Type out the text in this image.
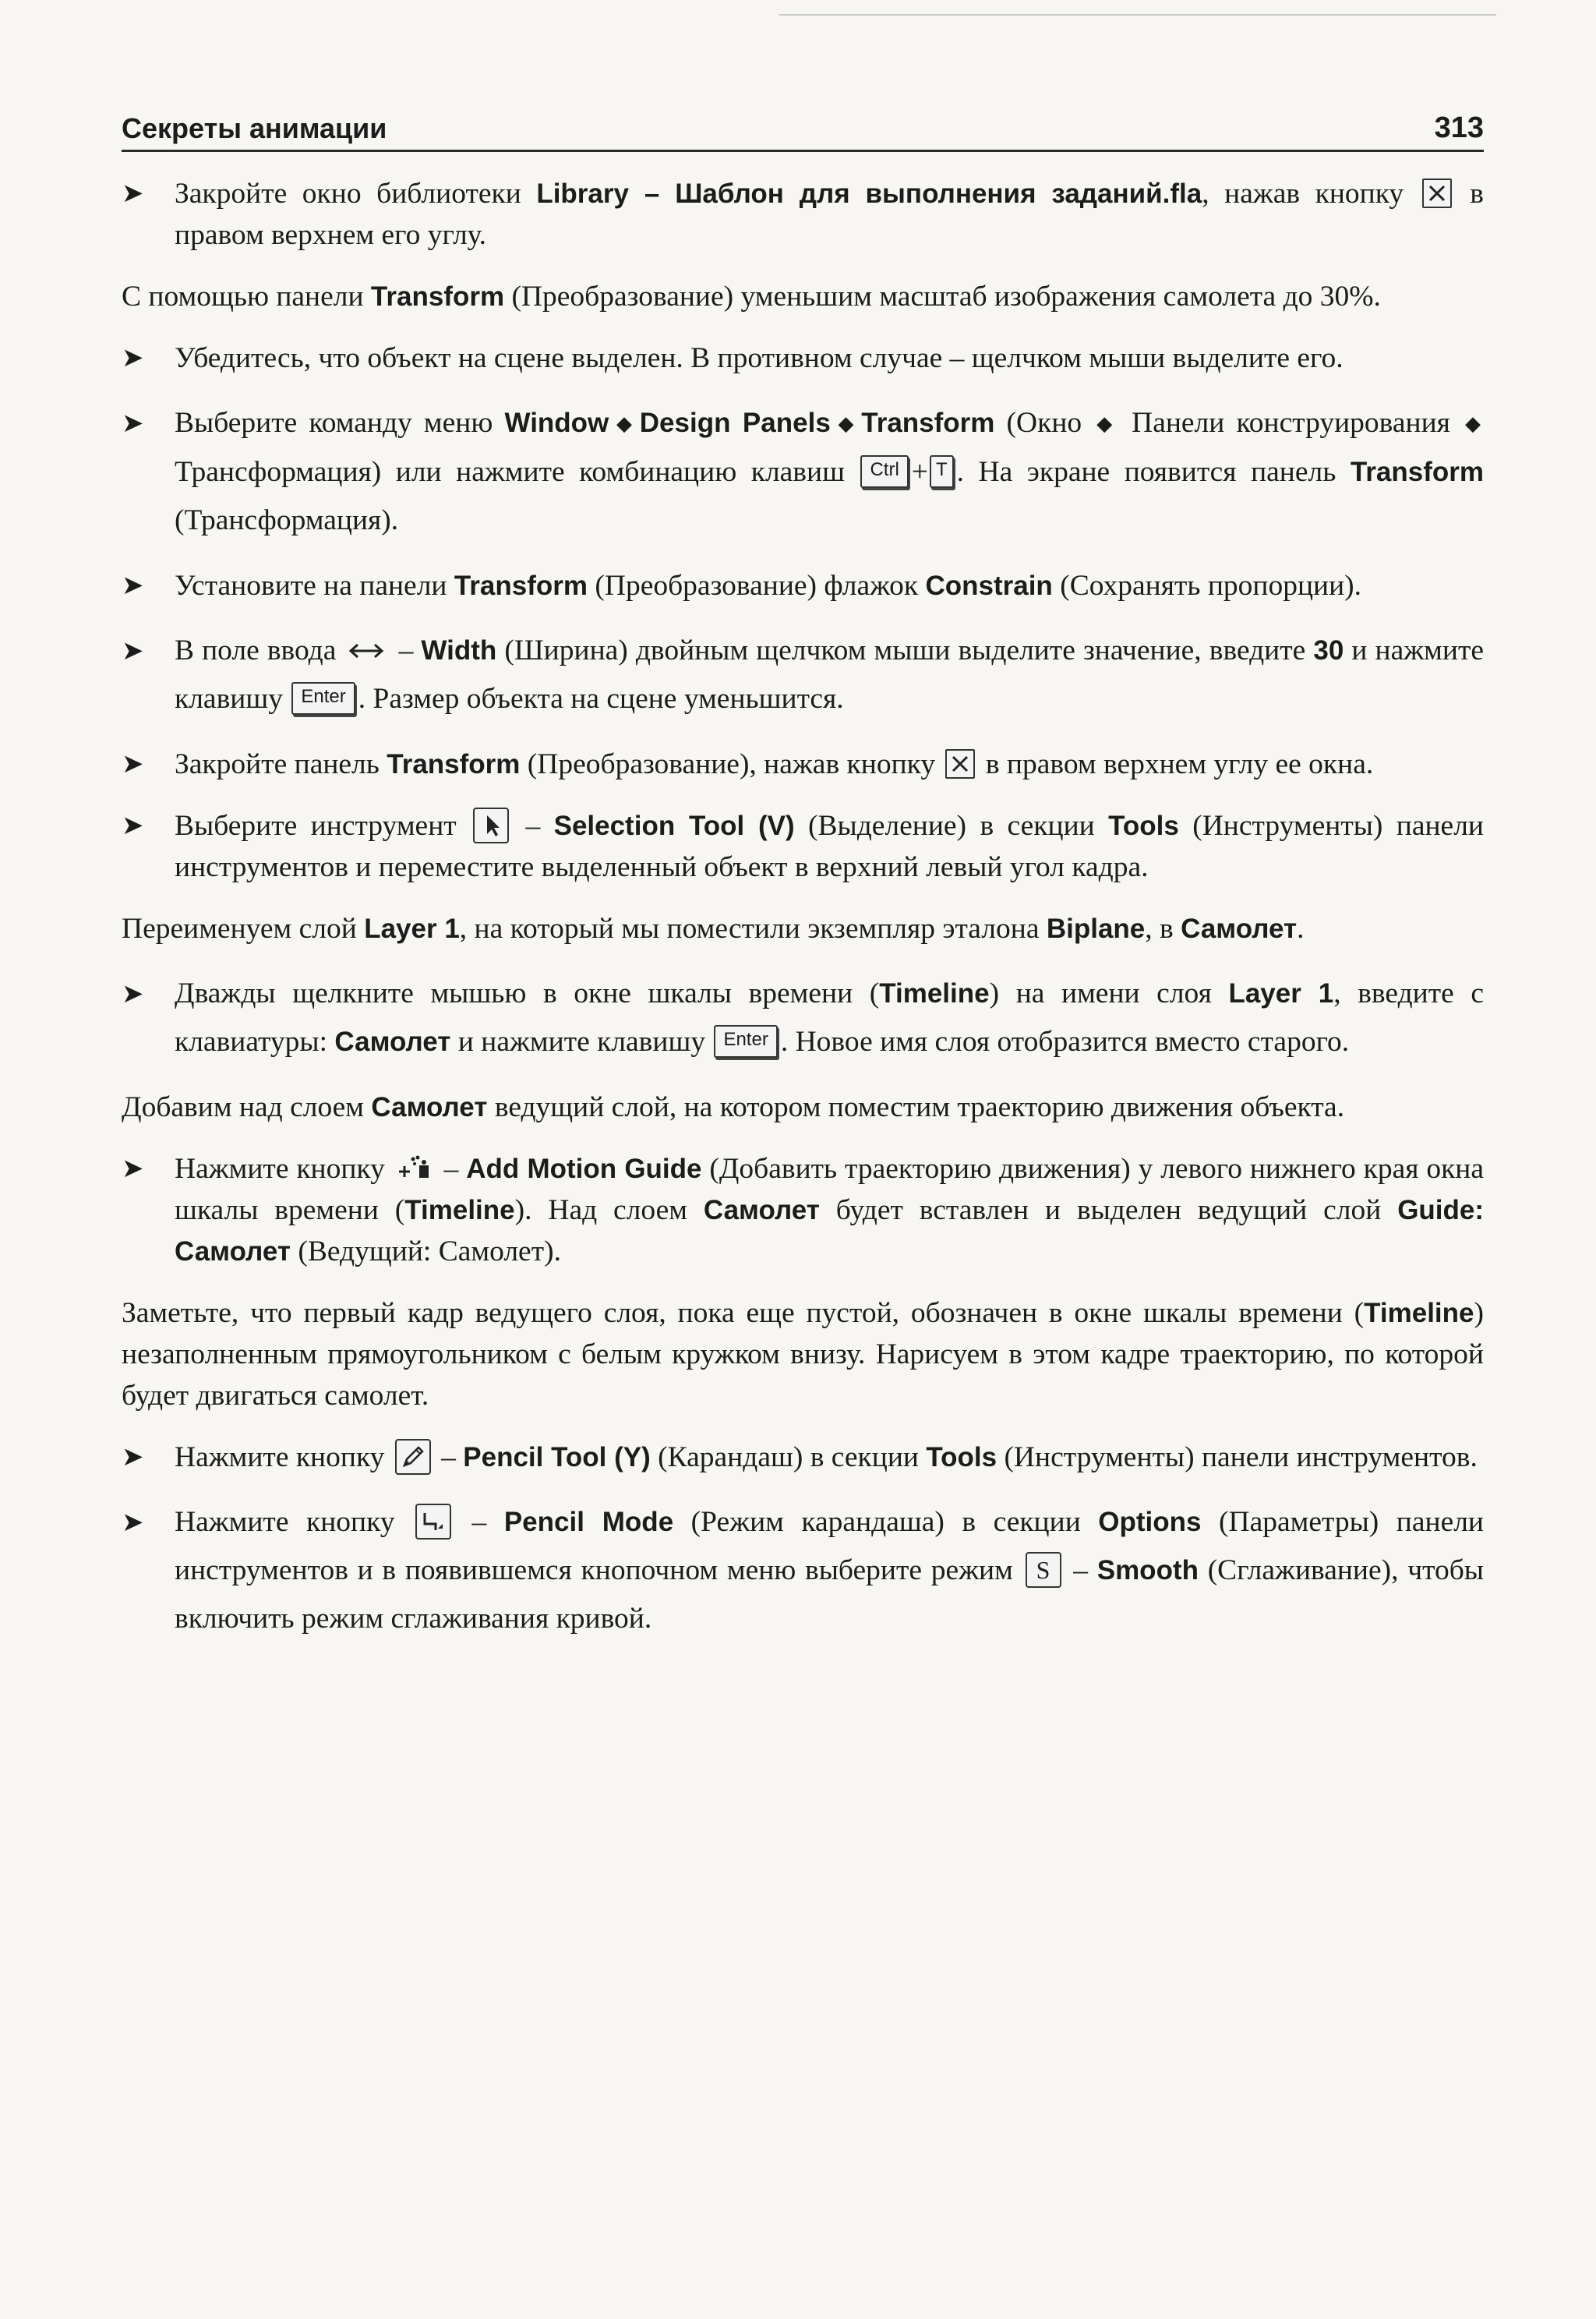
Секреты анимации	313
➤	Закройте окно библиотеки Library – Шаблон для выполнения заданий.fla, нажав кнопку
в правом верхнем его углу.

С помощью панели Transform (Преобразование) уменьшим масштаб изображения самолета до 30%.

➤	Убедитесь, что объект на сцене выделен. В противном случае – щелчком мыши выделите его.
➤	Выберите команду меню Window ◆ Design Panels ◆ Transform (Окно ◆ Панели конструирования ◆ Трансформация) или нажмите комбинацию клавиш Ctrl + T . На экране появится панель Transform (Трансформация).
➤	Установите на панели Transform (Преобразование) флажок Constrain (Сохранять пропорции).
➤	В поле ввода  – Width (Ширина) двойным щелчком мыши выделите значение, введите 30 и нажмите клавишу Enter . Размер объекта на сцене уменьшится.
➤	Закройте панель Transform (Преобразование), нажав кнопку
в правом верхнем углу ее окна.
➤	Выберите инструмент
– Selection Tool (V) (Выделение) в секции Tools (Инструменты) панели инструментов и переместите выделенный объект в верхний левый угол кадра.

Переименуем слой Layer 1, на который мы поместили экземпляр эталона Biplane, в Самолет.

➤	Дважды щелкните мышью в окне шкалы времени (Timeline) на имени слоя Layer 1, введите с клавиатуры: Самолет и нажмите клавишу Enter . Новое имя слоя отобразится вместо старого.

Добавим над слоем Самолет ведущий слой, на котором поместим траекторию движения объекта.

➤	Нажмите кнопку  – Add Motion Guide (Добавить траекторию движения) у левого нижнего края окна шкалы времени (Timeline). Над слоем Самолет будет вставлен и выделен ведущий слой Guide: Самолет (Ведущий: Самолет).

Заметьте, что первый кадр ведущего слоя, пока еще пустой, обозначен в окне шкалы времени (Timeline) незаполненным прямоугольником с белым кружком внизу. Нарисуем в этом кадре траекторию, по которой будет двигаться самолет.

➤	Нажмите кнопку
– Pencil Tool (Y) (Карандаш) в секции Tools (Инструменты) панели инструментов.
➤	Нажмите кнопку
– Pencil Mode (Режим карандаша) в секции Options (Параметры) панели инструментов и в появившемся кнопочном меню выберите режим S – Smooth (Сглаживание), чтобы включить режим сглаживания кривой.
